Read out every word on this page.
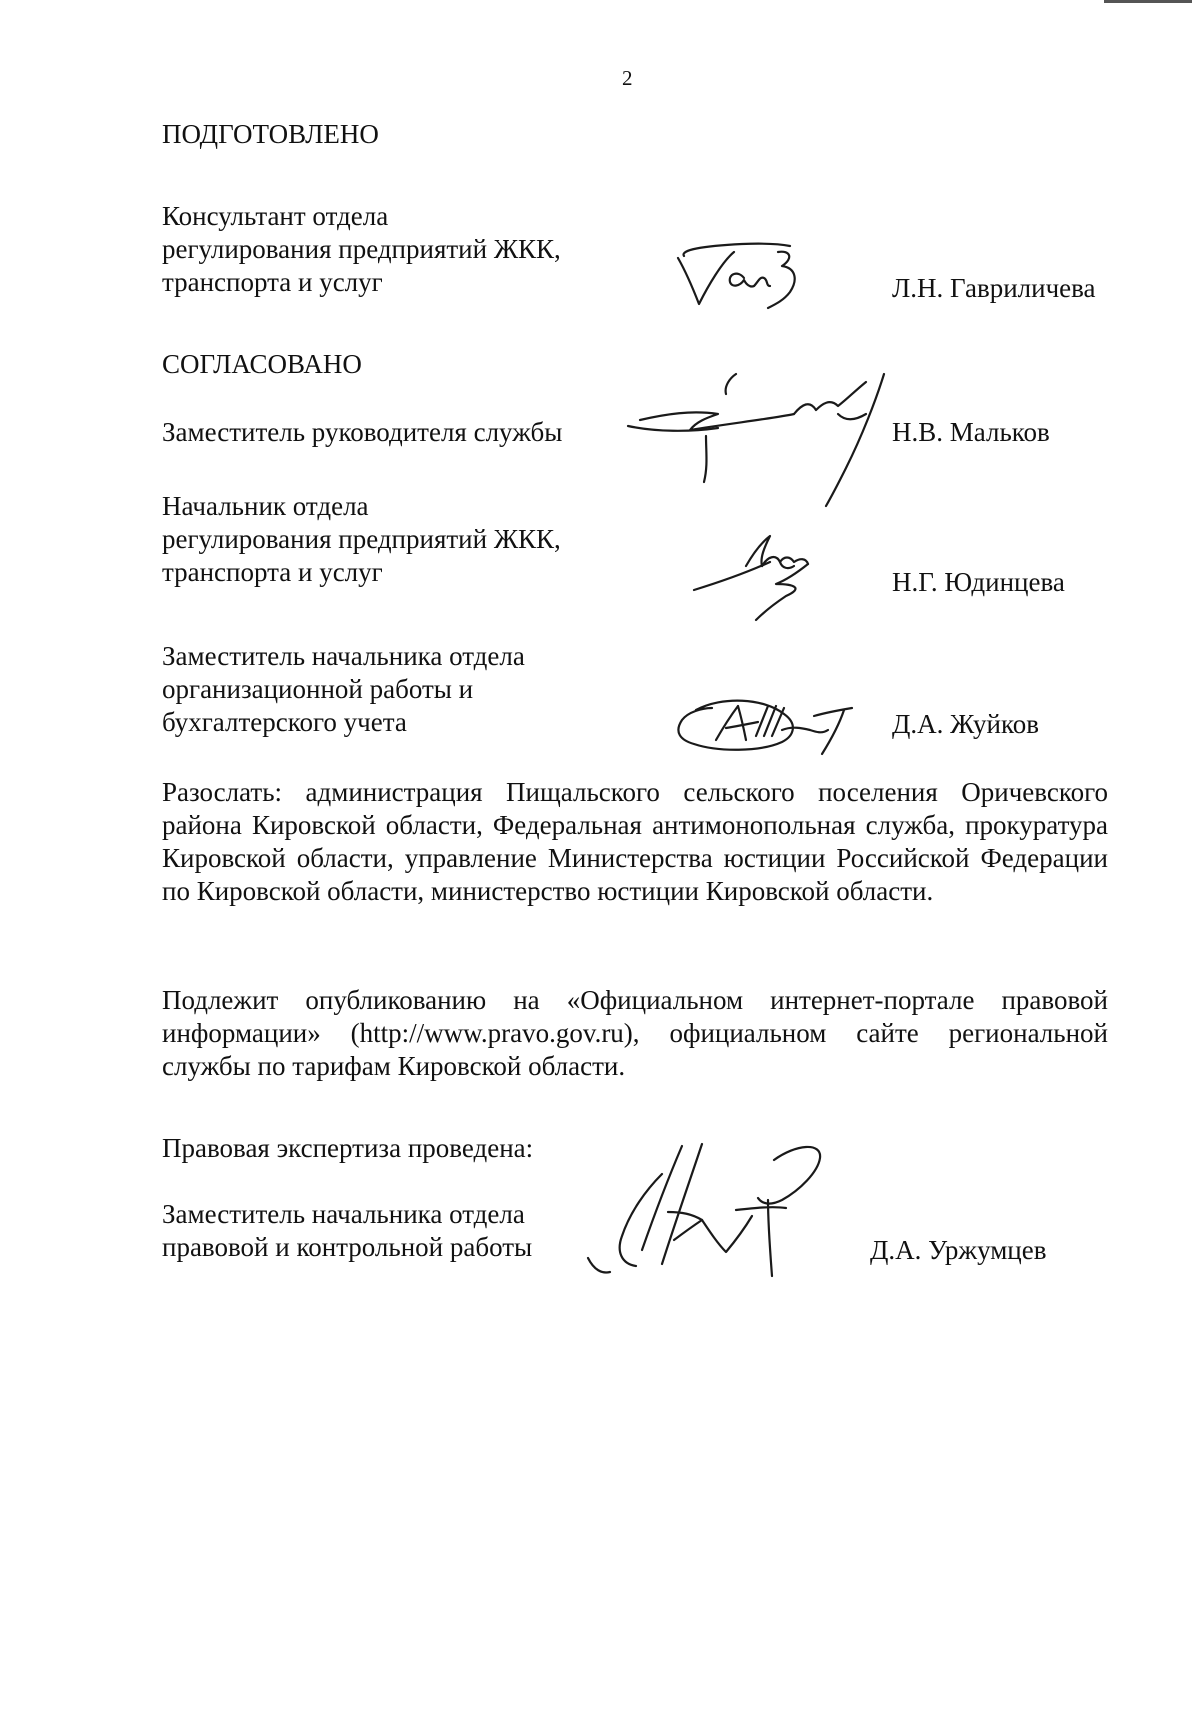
2
ПОДГОТОВЛЕНО
Консультант отдела
регулирования предприятий ЖКК,
транспорта и услуг	Л.Н. Гавриличева
СОГЛАСОВАНО
Заместитель руководителя службы	Н.В. Мальков
Начальник отдела
регулирования предприятий ЖКК,
транспорта и услуг	Н.Г. Юдинцева
Заместитель начальника отдела
организационной работы и
бухгалтерского учета	Д.А. Жуйков
Разослать: администрация Пищальского сельского поселения Оричевского района Кировской области, Федеральная антимонопольная служба, прокуратура Кировской области, управление Министерства юстиции Российской Федерации по Кировской области, министерство юстиции Кировской области.
Подлежит опубликованию на «Официальном интернет-портале правовой информации» (http://www.pravo.gov.ru), официальном сайте региональной службы по тарифам Кировской области.
Правовая экспертиза проведена:
Заместитель начальника отдела
правовой и контрольной работы	Д.А. Уржумцев
